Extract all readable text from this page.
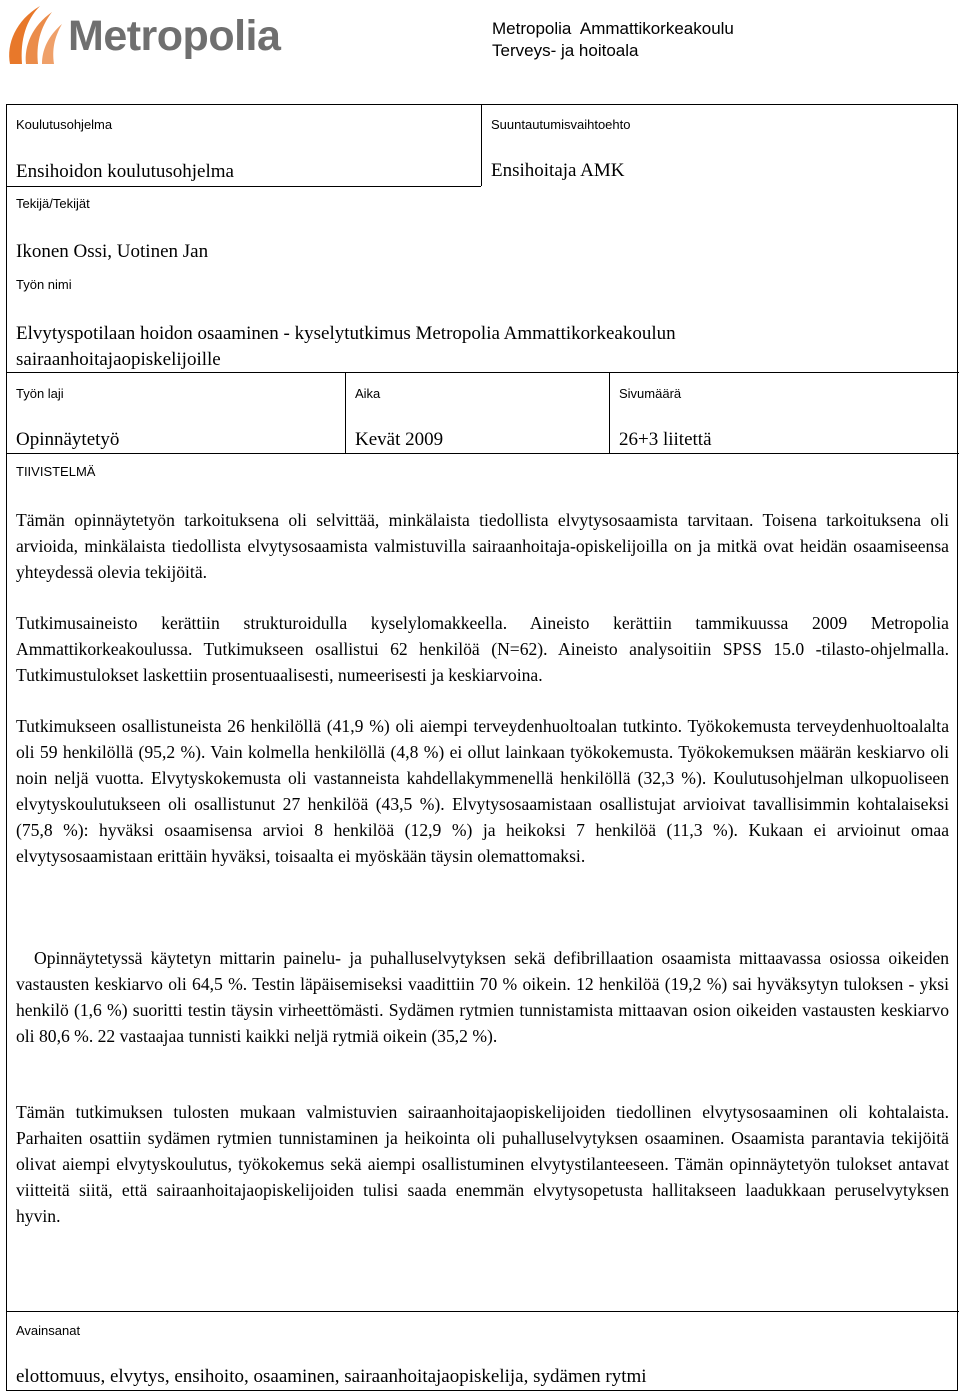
Metropolia	Metropolia  Ammattikorkeakoulu
Terveys- ja hoitoala
Koulutusohjelma
Ensihoidon koulutusohjelma
Suuntautumisvaihtoehto
Ensihoitaja AMK
Tekijä/Tekijät
Ikonen Ossi, Uotinen Jan
Työn nimi
Elvytyspotilaan hoidon osaaminen - kyselytutkimus Metropolia Ammattikorkeakoulun sairaanhoitajaopiskelijoille
Työn laji
Opinnäytetyö
Aika
Kevät 2009
Sivumäärä
26+3 liitettä
TIIVISTELMÄ

Tämän opinnäytetyön tarkoituksena oli selvittää, minkälaista tiedollista elvytysosaamista tarvitaan. Toisena tarkoituksena oli arvioida, minkälaista tiedollista elvytysosaamista valmistuvilla sairaanhoitaja-opiskelijoilla on ja mitkä ovat heidän osaamiseensa yhteydessä olevia tekijöitä.

Tutkimusaineisto kerättiin strukturoidulla kyselylomakkeella. Aineisto kerättiin tammikuussa 2009 Metropolia Ammattikorkeakoulussa. Tutkimukseen osallistui 62 henkilöä (N=62). Aineisto analysoitiin SPSS 15.0 -tilasto-ohjelmalla. Tutkimustulokset laskettiin prosentuaalisesti, numeerisesti ja keskiarvoina.

Tutkimukseen osallistuneista 26 henkilöllä (41,9 %) oli aiempi terveydenhuoltoalan tutkinto. Työkokemusta terveydenhuoltoalalta oli 59 henkilöllä (95,2 %). Vain kolmella henkilöllä (4,8 %) ei ollut lainkaan työkokemusta. Työkokemuksen määrän keskiarvo oli noin neljä vuotta. Elvytyskokemusta oli vastanneista kahdellakymmenellä henkilöllä (32,3 %). Koulutusohjelman ulkopuoliseen elvytyskoulutukseen oli osallistunut 27 henkilöä (43,5 %). Elvytysosaamistaan osallistujat arvioivat tavallisimmin kohtalaiseksi (75,8 %): hyväksi osaamisensa arvioi 8 henkilöä (12,9 %) ja heikoksi 7 henkilöä (11,3 %). Kukaan ei arvioinut omaa elvytysosaamistaan erittäin hyväksi, toisaalta ei myöskään täysin olemattomaksi.

Opinnäytetyssä käytetyn mittarin painelu- ja puhalluselvytyksen sekä defibrillaation osaamista mittaavassa osiossa oikeiden vastausten keskiarvo oli 64,5 %. Testin läpäisemiseksi vaadittiin 70 % oikein. 12 henkilöä (19,2 %) sai hyväksytyn tuloksen - yksi henkilö (1,6 %) suoritti testin täysin virheettömästi. Sydämen rytmien tunnistamista mittaavan osion oikeiden vastausten keskiarvo oli 80,6 %. 22 vastaajaa tunnisti kaikki neljä rytmiä oikein (35,2 %).

Tämän tutkimuksen tulosten mukaan valmistuvien sairaanhoitajaopiskelijoiden tiedollinen elvytysosaaminen oli kohtalaista. Parhaiten osattiin sydämen rytmien tunnistaminen ja heikointa oli puhalluselvytyksen osaaminen. Osaamista parantavia tekijöitä olivat aiempi elvytyskoulutus, työkokemus sekä aiempi osallistuminen elvytystilanteeseen. Tämän opinnäytetyön tulokset antavat viitteitä siitä, että sairaanhoitajaopiskelijoiden tulisi saada enemmän elvytysopetusta hallitakseen laadukkaan peruselvytyksen hyvin.

Avainsanat
elottomuus, elvytys, ensihoito, osaaminen, sairaanhoitajaopiskelija, sydämen rytmi
